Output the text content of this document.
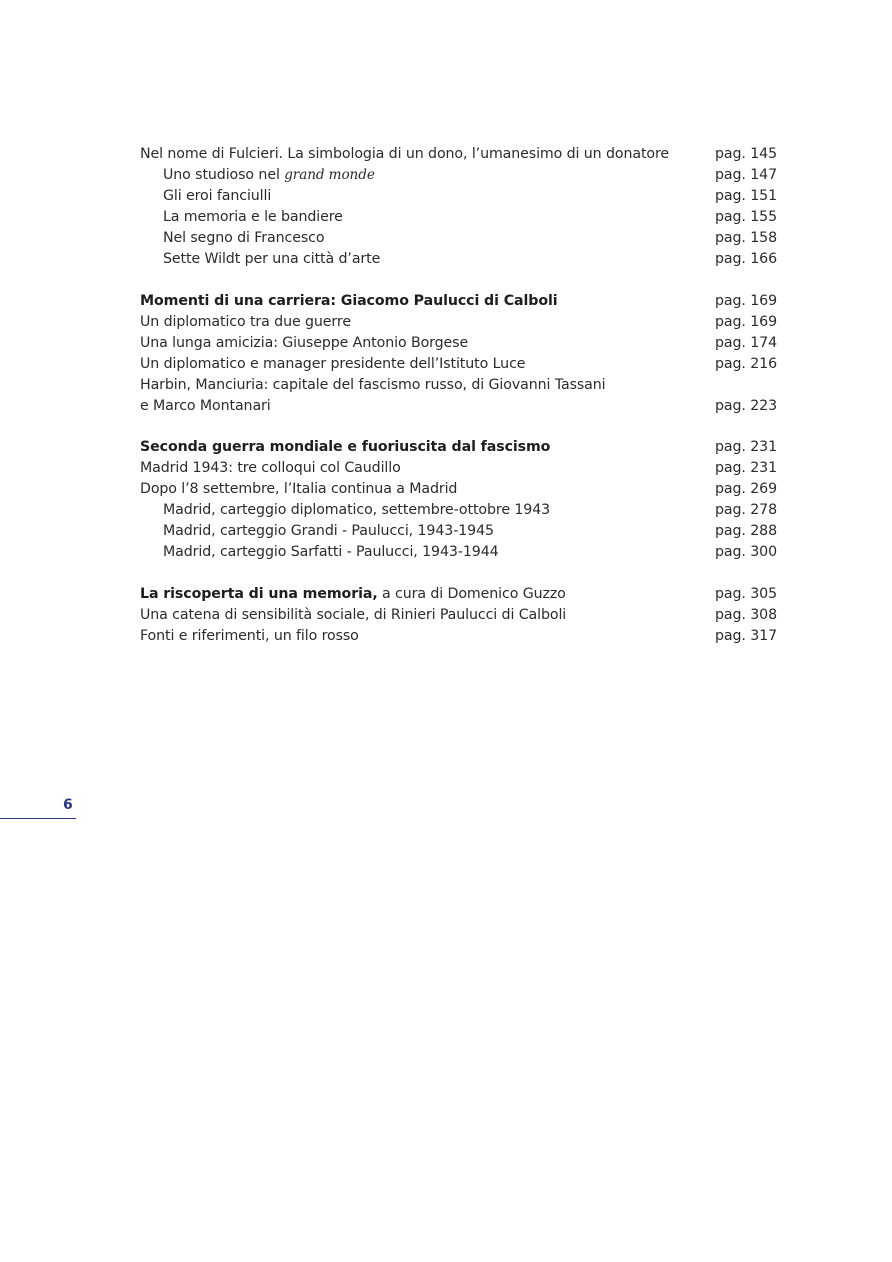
Nel nome di Fulcieri. La simbologia di un dono, l’umanesimo di un donatore	pag. 145
Uno studioso nel grand monde	pag. 147
Gli eroi fanciulli	pag. 151
La memoria e le bandiere	pag. 155
Nel segno di Francesco	pag. 158
Sette Wildt per una città d’arte	pag. 166
Momenti di una carriera: Giacomo Paulucci di Calboli	pag. 169
Un diplomatico tra due guerre	pag. 169
Una lunga amicizia: Giuseppe Antonio Borgese	pag. 174
Un diplomatico e manager presidente dell’Istituto Luce	pag. 216
Harbin, Manciuria: capitale del fascismo russo, di Giovanni Tassani
e Marco Montanari	pag. 223
Seconda guerra mondiale e fuoriuscita dal fascismo	pag. 231
Madrid 1943: tre colloqui col Caudillo	pag. 231
Dopo l’8 settembre, l’Italia continua a Madrid	pag. 269
Madrid, carteggio diplomatico, settembre-ottobre 1943	pag. 278
Madrid, carteggio Grandi - Paulucci, 1943-1945	pag. 288
Madrid, carteggio Sarfatti - Paulucci, 1943-1944	pag. 300
La riscoperta di una memoria, a cura di Domenico Guzzo	pag. 305
Una catena di sensibilità sociale, di Rinieri Paulucci di Calboli	pag. 308
Fonti e riferimenti, un filo rosso	pag. 317
6
